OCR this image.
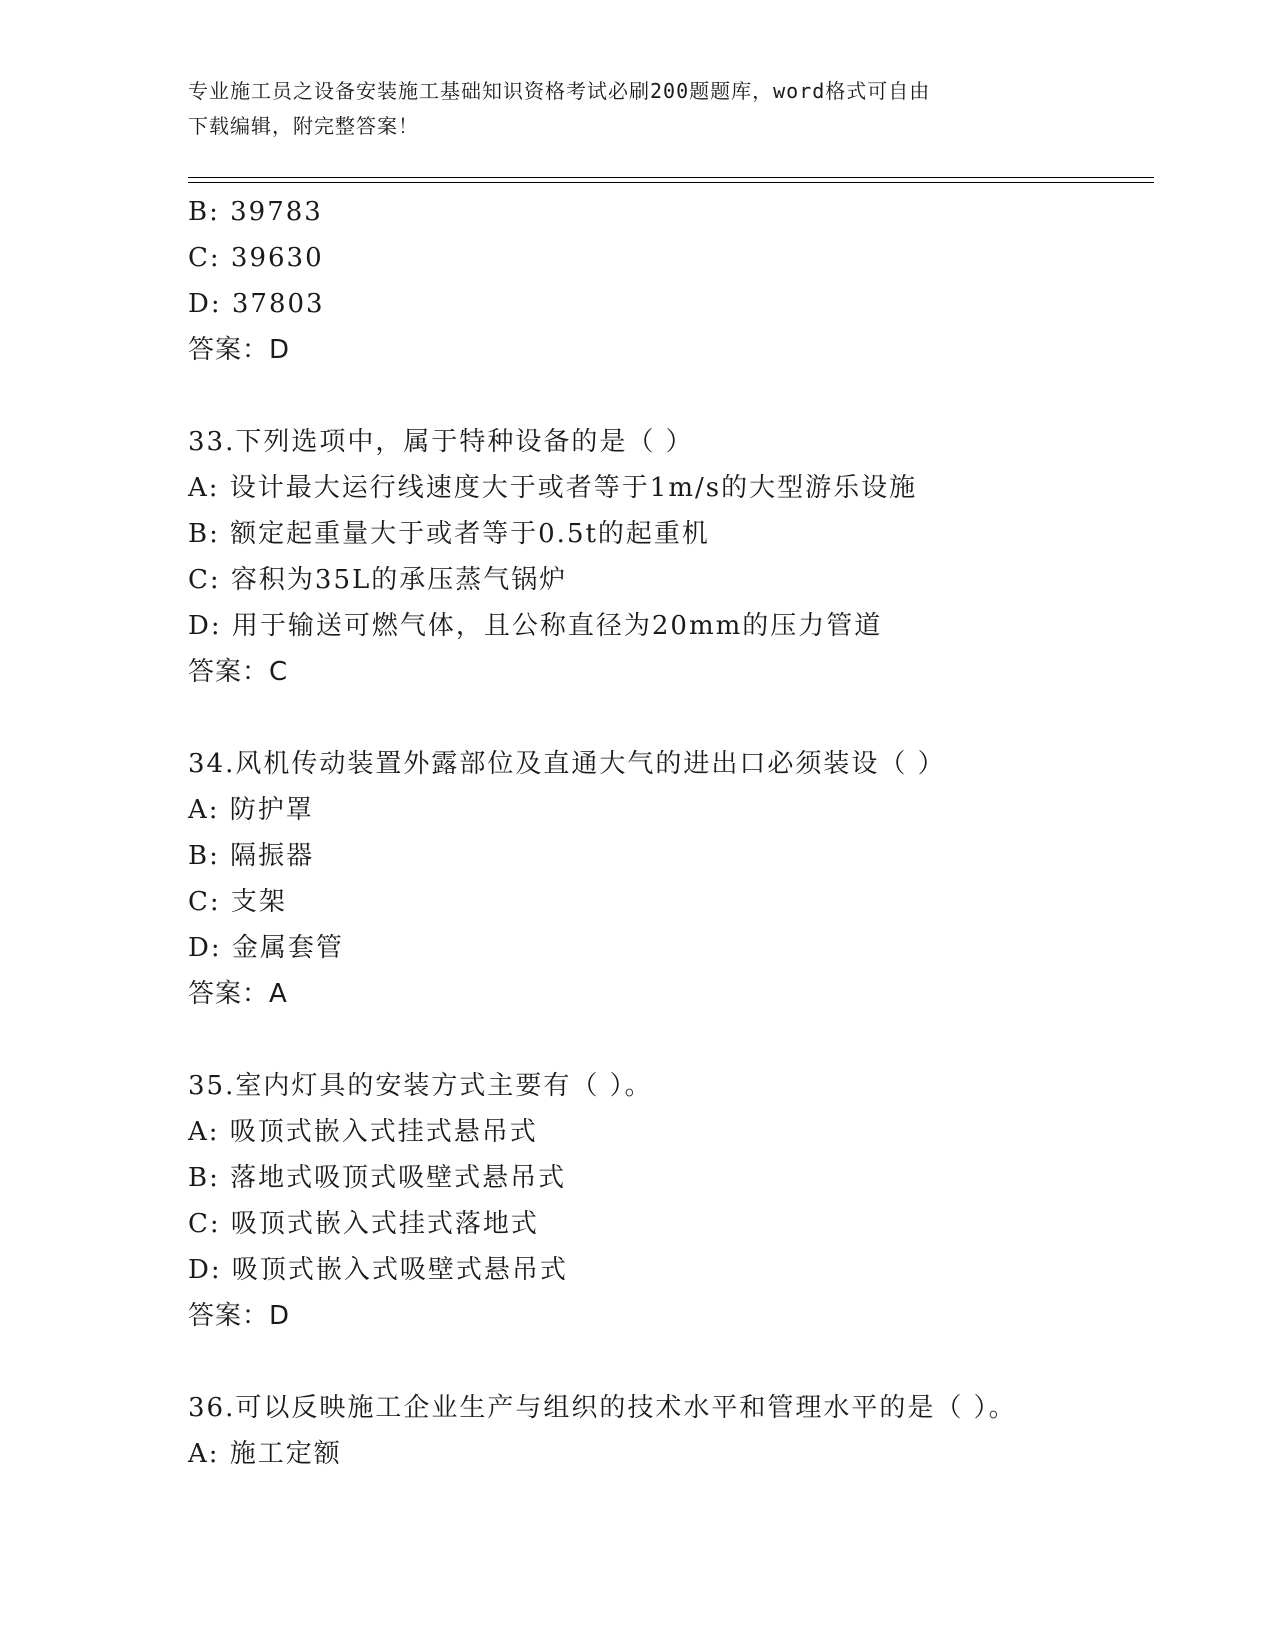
专业施工员之设备安装施工基础知识资格考试必刷200题题库，word格式可自由
下载编辑，附完整答案！
B: 39783
C: 39630
D: 37803
答案：D
33.下列选项中，属于特种设备的是（ ）
A: 设计最大运行线速度大于或者等于1m/s的大型游乐设施
B: 额定起重量大于或者等于0.5t的起重机
C: 容积为35L的承压蒸气锅炉
D: 用于输送可燃气体，且公称直径为20mm的压力管道
答案：C
34.风机传动装置外露部位及直通大气的进出口必须装设（ ）
A: 防护罩
B: 隔振器
C: 支架
D: 金属套管
答案：A
35.室内灯具的安装方式主要有（ ）。
A: 吸顶式嵌入式挂式悬吊式
B: 落地式吸顶式吸壁式悬吊式
C: 吸顶式嵌入式挂式落地式
D: 吸顶式嵌入式吸壁式悬吊式
答案：D
36.可以反映施工企业生产与组织的技术水平和管理水平的是（ ）。
A: 施工定额
